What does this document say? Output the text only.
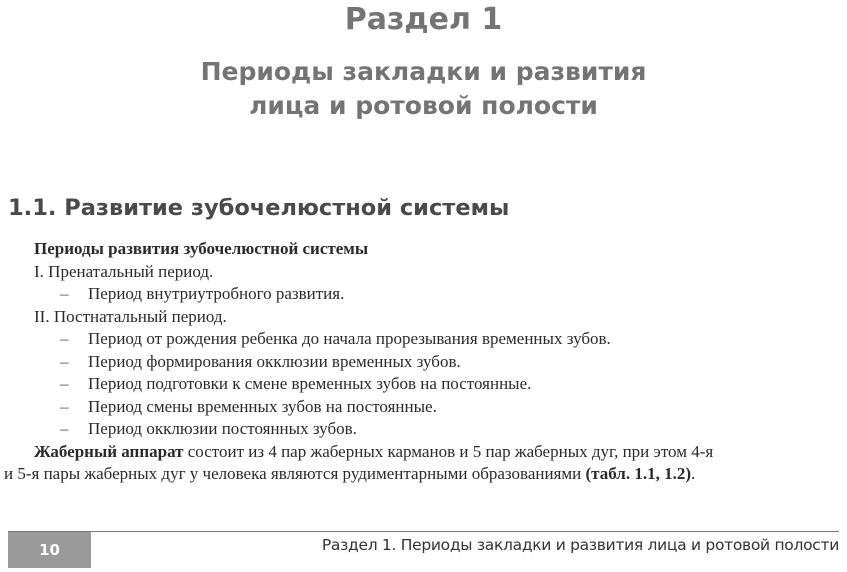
Раздел 1
Периоды закладки и развития
лица и ротовой полости
1.1. Развитие зубочелюстной системы
Периоды развития зубочелюстной системы
I. Пренатальный период.
– Период внутриутробного развития.
II. Постнатальный период.
– Период от рождения ребенка до начала прорезывания временных зубов.
– Период формирования окклюзии временных зубов.
– Период подготовки к смене временных зубов на постоянные.
– Период смены временных зубов на постоянные.
– Период окклюзии постоянных зубов.
Жаберный аппарат состоит из 4 пар жаберных карманов и 5 пар жаберных дуг, при этом 4-я
и 5-я пары жаберных дуг у человека являются рудиментарными образованиями (табл. 1.1, 1.2).
10	Раздел 1. Периоды закладки и развития лица и ротовой полости
